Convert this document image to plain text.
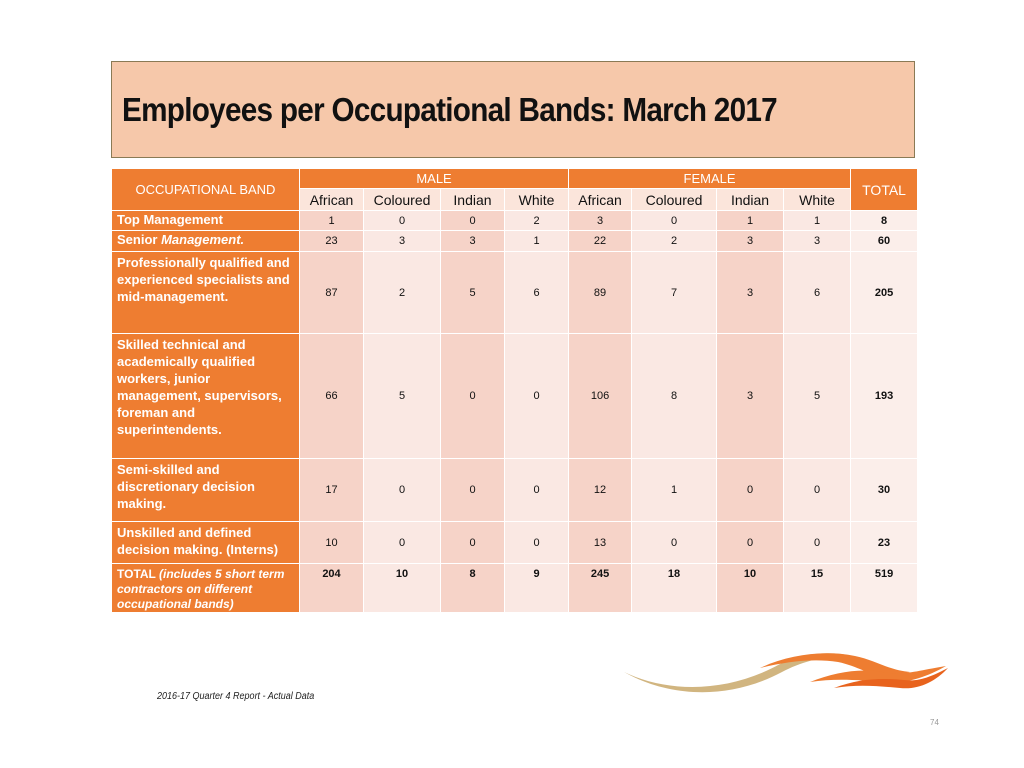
Employees per Occupational Bands: March 2017
OCCUPATIONAL BAND	MALE				FEMALE				TOTAL
	African	Coloured	Indian	White	African	Coloured	Indian	White	
Top Management	1	0	0	2	3	0	1	1	8
Senior Management.	23	3	3	1	22	2	3	3	60
Professionally qualified and experienced specialists and mid-management.	87	2	5	6	89	7	3	6	205
Skilled technical and academically qualified workers, junior management, supervisors, foreman and superintendents.	66	5	0	0	106	8	3	5	193
Semi-skilled and discretionary decision making.	17	0	0	0	12	1	0	0	30
Unskilled and defined decision making. (Interns)	10	0	0	0	13	0	0	0	23
TOTAL (includes 5 short term contractors on different occupational bands)	204	10	8	9	245	18	10	15	519
2016-17 Quarter 4 Report - Actual Data
74
